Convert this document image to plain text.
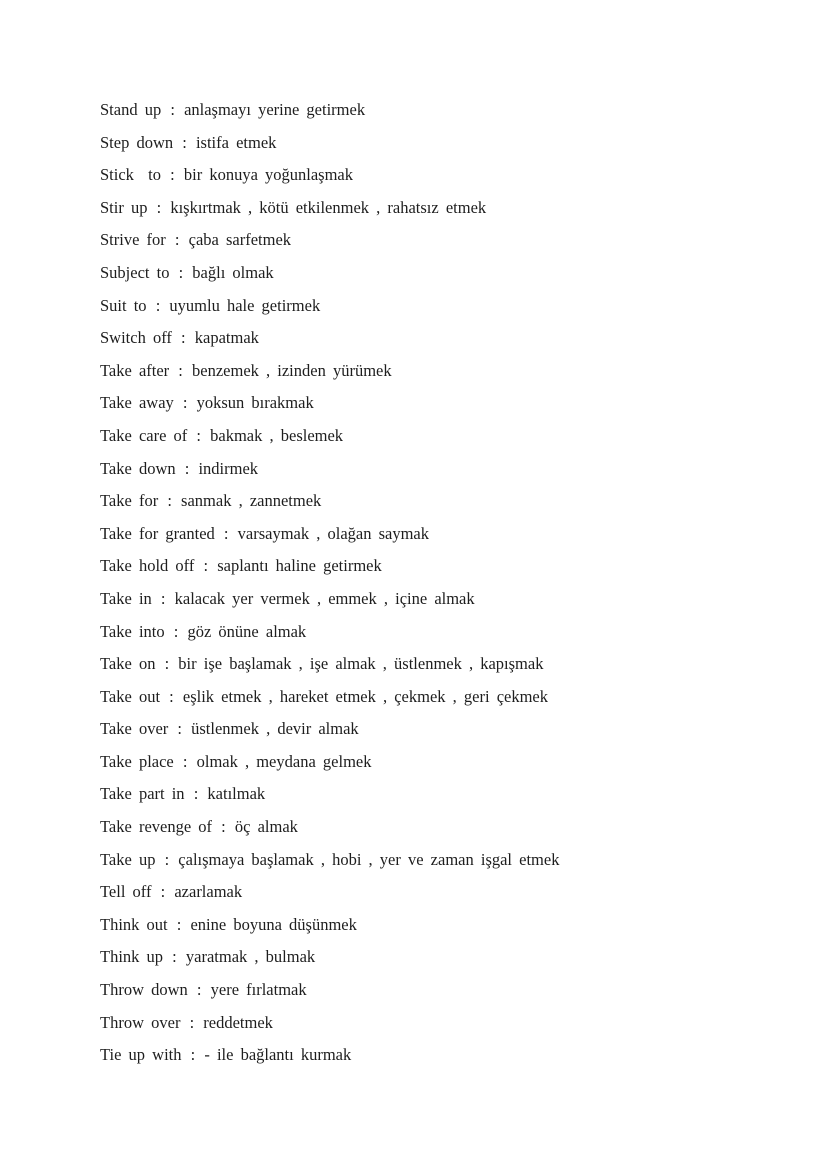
Stand up : anlaşmayı yerine getirmek
Step down : istifa etmek
Stick  to : bir konuya yoğunlaşmak
Stir up : kışkırtmak , kötü etkilenmek , rahatsız etmek
Strive for : çaba sarfetmek
Subject to : bağlı olmak
Suit to : uyumlu hale getirmek
Switch off : kapatmak
Take after : benzemek , izinden yürümek
Take away : yoksun bırakmak
Take care of : bakmak , beslemek
Take down : indirmek
Take for : sanmak , zannetmek
Take for granted : varsaymak , olağan saymak
Take hold off : saplantı haline getirmek
Take in : kalacak yer vermek , emmek , içine almak
Take into : göz önüne almak
Take on : bir işe başlamak , işe almak , üstlenmek , kapışmak
Take out : eşlik etmek , hareket etmek , çekmek , geri çekmek
Take over : üstlenmek , devir almak
Take place : olmak , meydana gelmek
Take part in : katılmak
Take revenge of : öç almak
Take up : çalışmaya başlamak , hobi , yer ve zaman işgal etmek
Tell off : azarlamak
Think out : enine boyuna düşünmek
Think up : yaratmak , bulmak
Throw down : yere fırlatmak
Throw over : reddetmek
Tie up with : - ile bağlantı kurmak
